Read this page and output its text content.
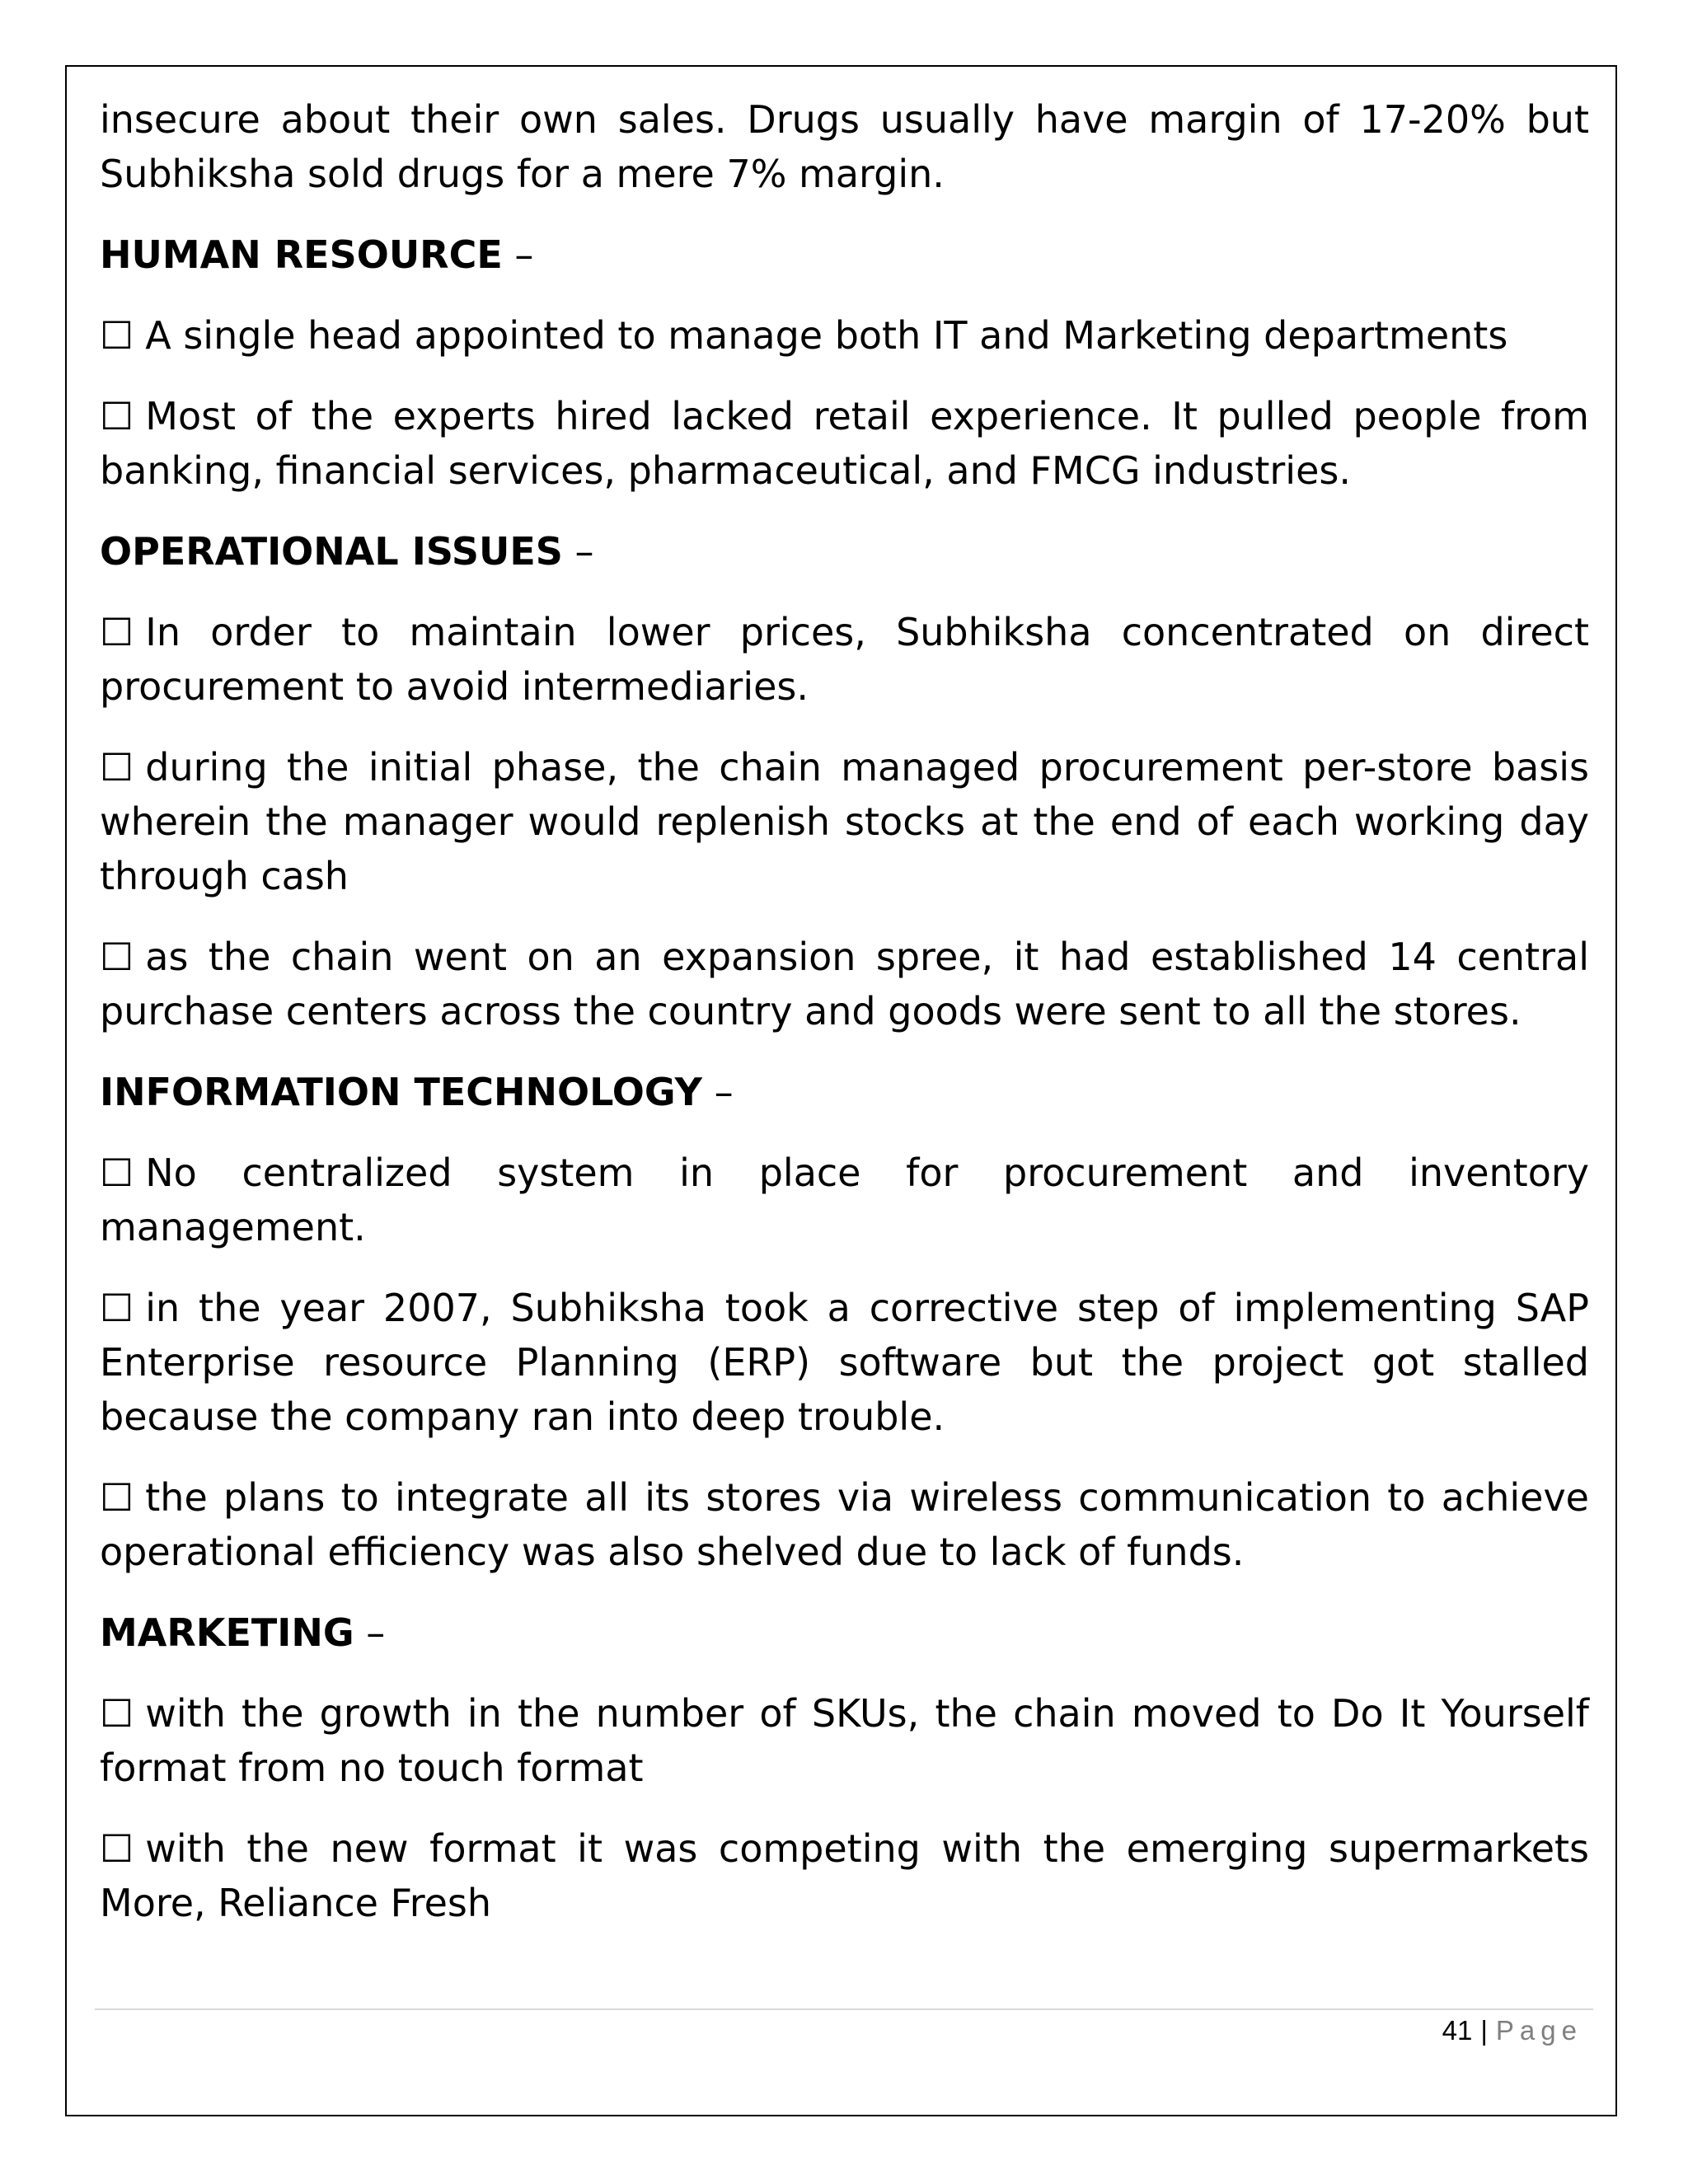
insecure about their own sales. Drugs usually have margin of 17-20% but Subhiksha sold drugs for a mere 7% margin.

HUMAN RESOURCE –

☐ A single head appointed to manage both IT and Marketing departments

☐ Most of the experts hired lacked retail experience. It pulled people from banking, financial services, pharmaceutical, and FMCG industries.

OPERATIONAL ISSUES –

☐ In order to maintain lower prices, Subhiksha concentrated on direct procurement to avoid intermediaries.

☐ during the initial phase, the chain managed procurement per-store basis wherein the manager would replenish stocks at the end of each working day through cash

☐ as the chain went on an expansion spree, it had established 14 central purchase centers across the country and goods were sent to all the stores.

INFORMATION TECHNOLOGY –

☐ No centralized system in place for procurement and inventory management.

☐ in the year 2007, Subhiksha took a corrective step of implementing SAP Enterprise resource Planning (ERP) software but the project got stalled because the company ran into deep trouble.

☐ the plans to integrate all its stores via wireless communication to achieve operational efficiency was also shelved due to lack of funds.

MARKETING –

☐ with the growth in the number of SKUs, the chain moved to Do It Yourself format from no touch format

☐ with the new format it was competing with the emerging supermarkets More, Reliance Fresh

41 | Page
